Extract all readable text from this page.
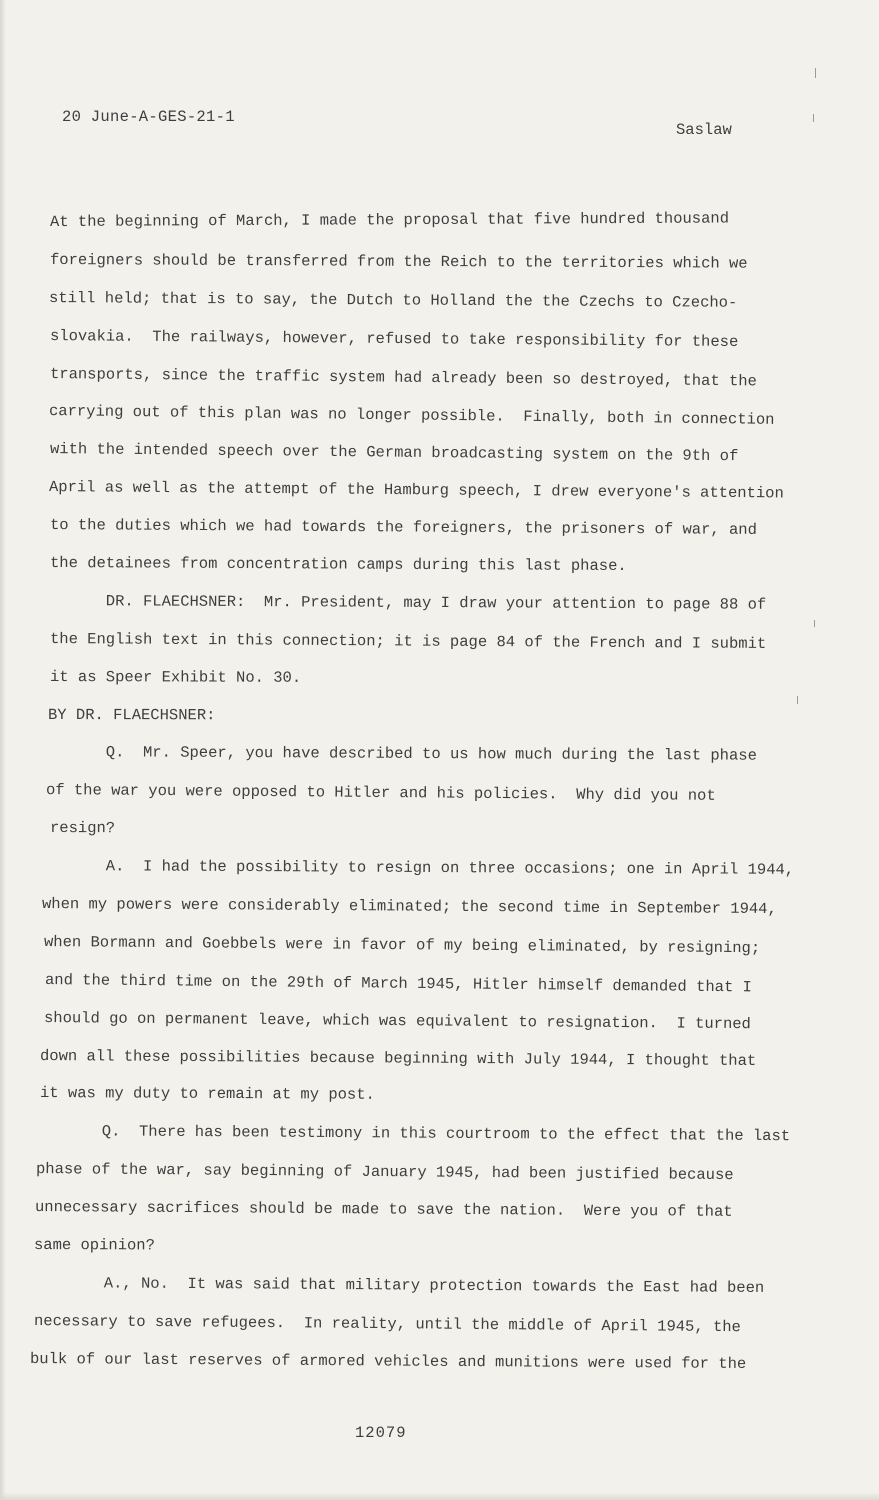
20 June-A-GES-21-1
Saslaw
At the beginning of March, I made the proposal that five hundred thousand
foreigners should be transferred from the Reich to the territories which we
still held; that is to say, the Dutch to Holland the the Czechs to Czecho-
slovakia.  The railways, however, refused to take responsibility for these
transports, since the traffic system had already been so destroyed, that the
carrying out of this plan was no longer possible.  Finally, both in connection
with the intended speech over the German broadcasting system on the 9th of
April as well as the attempt of the Hamburg speech, I drew everyone's attention
to the duties which we had towards the foreigners, the prisoners of war, and
the detainees from concentration camps during this last phase.
DR. FLAECHSNER:  Mr. President, may I draw your attention to page 88 of
the English text in this connection; it is page 84 of the French and I submit
it as Speer Exhibit No. 30.
BY DR. FLAECHSNER:
Q.  Mr. Speer, you have described to us how much during the last phase
of the war you were opposed to Hitler and his policies.  Why did you not
resign?
A.  I had the possibility to resign on three occasions; one in April 1944,
when my powers were considerably eliminated; the second time in September 1944,
when Bormann and Goebbels were in favor of my being eliminated, by resigning;
and the third time on the 29th of March 1945, Hitler himself demanded that I
should go on permanent leave, which was equivalent to resignation.  I turned
down all these possibilities because beginning with July 1944, I thought that
it was my duty to remain at my post.
Q.  There has been testimony in this courtroom to the effect that the last
phase of the war, say beginning of January 1945, had been justified because
unnecessary sacrifices should be made to save the nation.  Were you of that
same opinion?
A., No.  It was said that military protection towards the East had been
necessary to save refugees.  In reality, until the middle of April 1945, the
bulk of our last reserves of armored vehicles and munitions were used for the
12079
